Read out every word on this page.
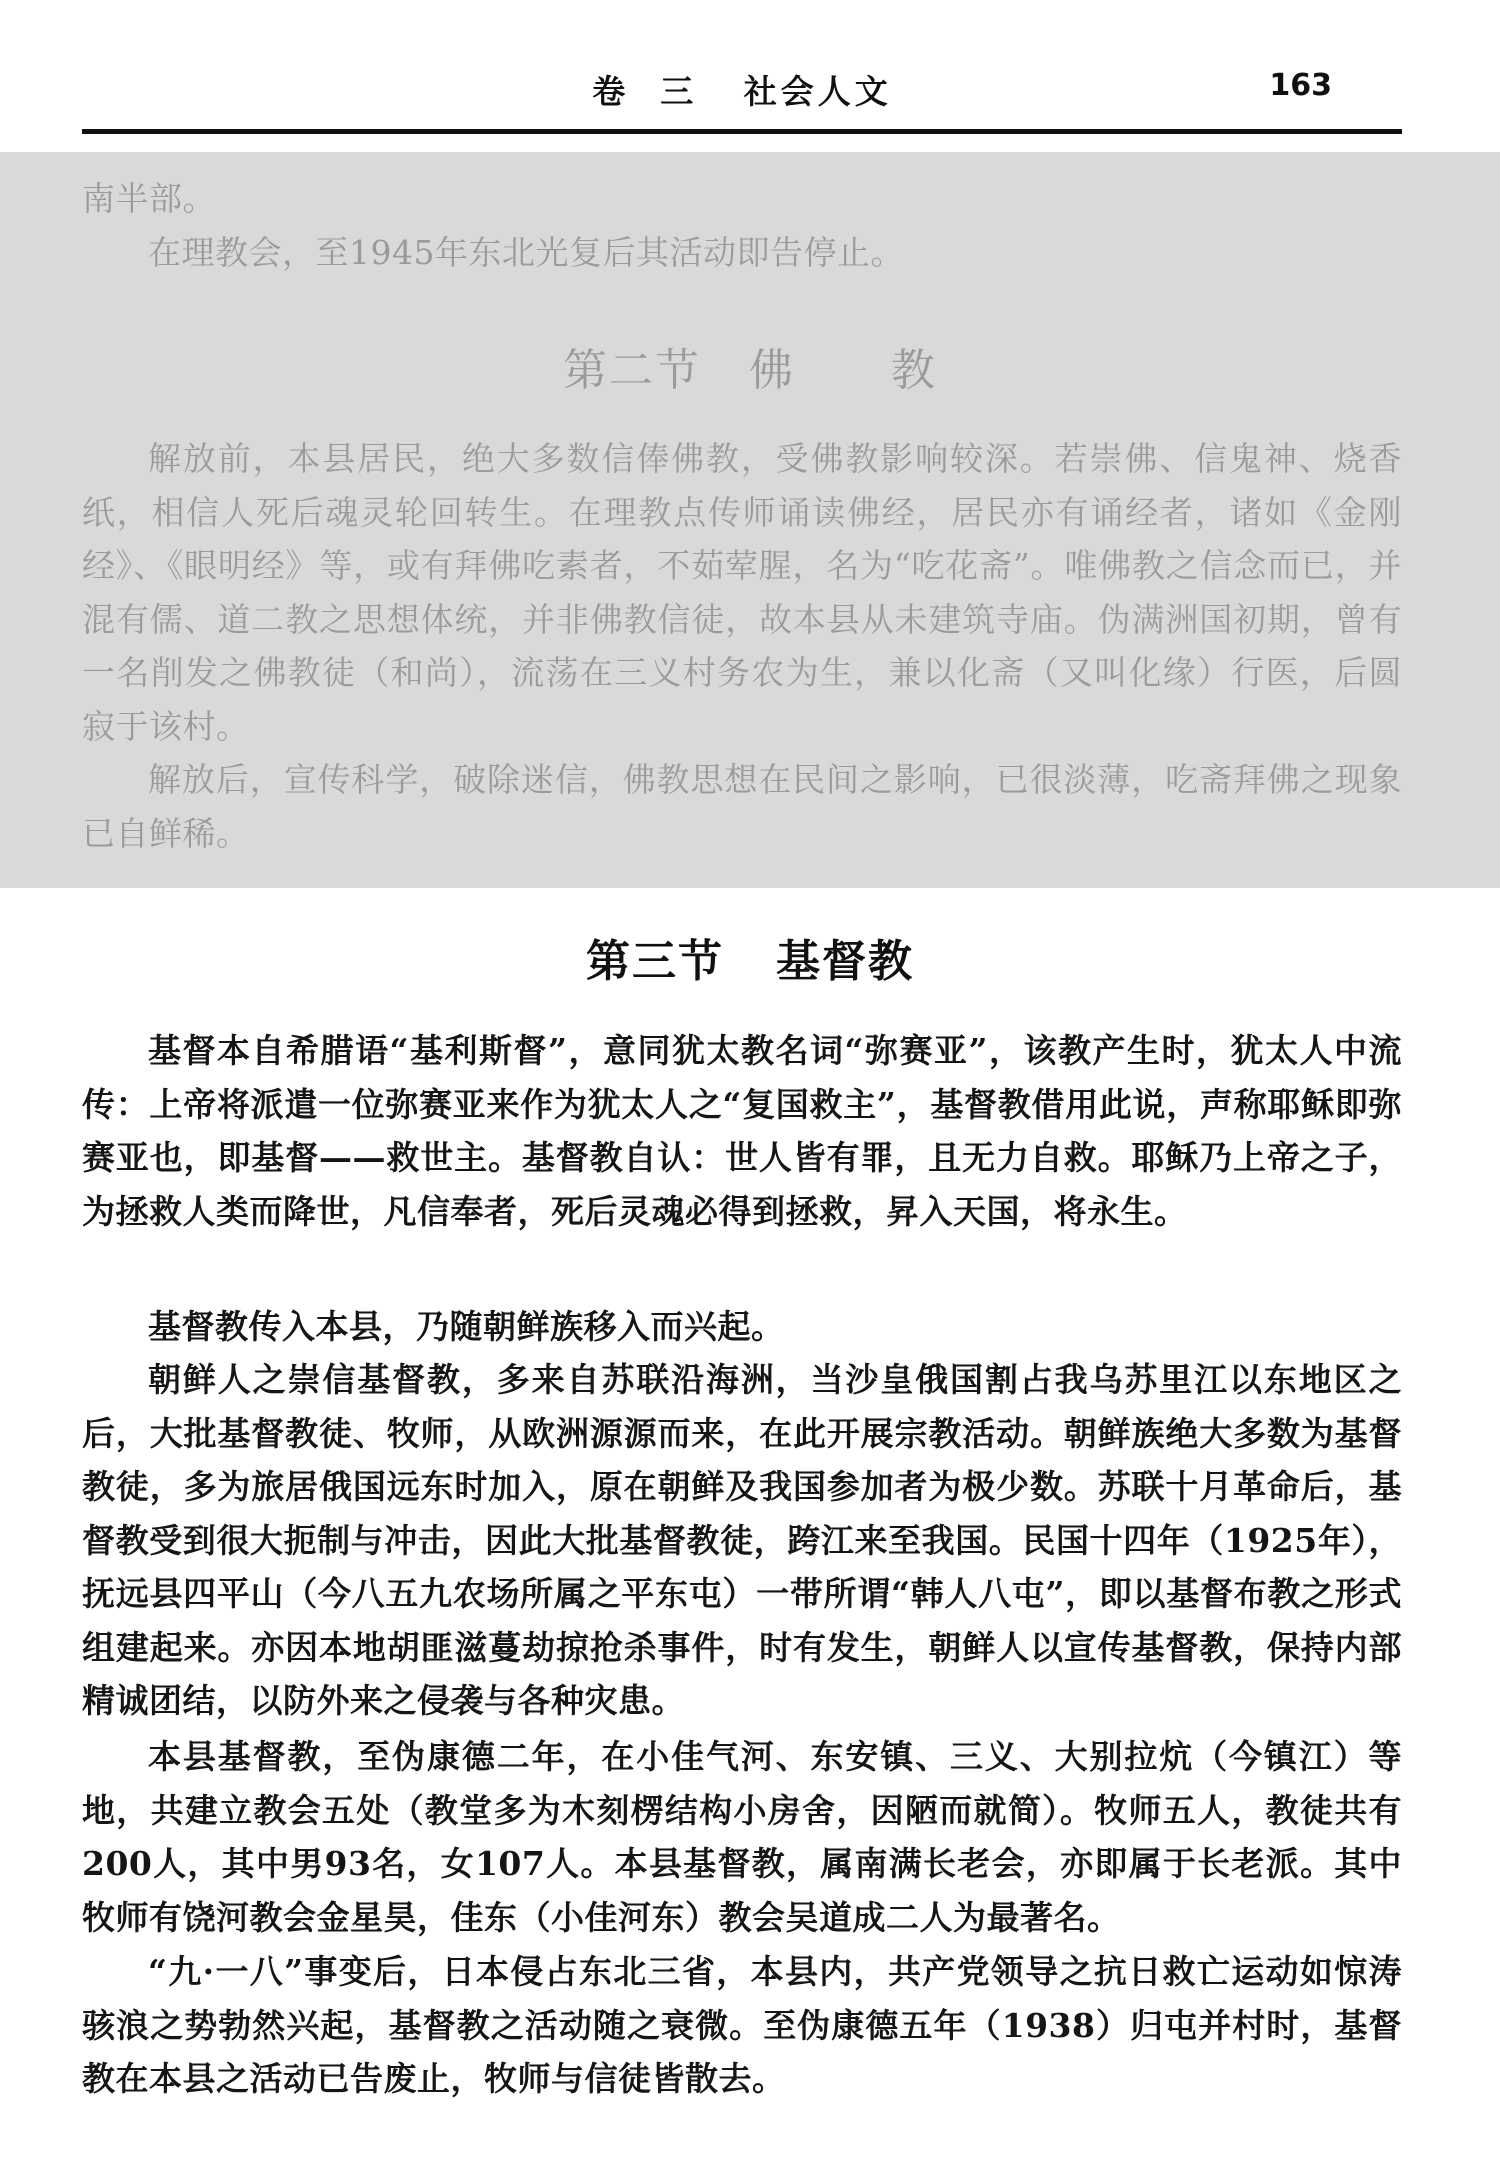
卷  三   社会人文	163

南半部。

在理教会，至1945年东北光复后其活动即告停止。

第二节   佛      教

解放前，本县居民，绝大多数信俸佛教，受佛教影响较深。若崇佛、信鬼神、烧香纸，相信人死后魂灵轮回转生。在理教点传师诵读佛经，居民亦有诵经者，诸如《金刚经》、《眼明经》等，或有拜佛吃素者，不茹荤腥，名为“吃花斋”。唯佛教之信念而已，并混有儒、道二教之思想体统，并非佛教信徒，故本县从未建筑寺庙。伪满洲国初期，曾有一名削发之佛教徒（和尚），流荡在三义村务农为生，兼以化斋（又叫化缘）行医，后圆寂于该村。

解放后，宣传科学，破除迷信，佛教思想在民间之影响，已很淡薄，吃斋拜佛之现象已自鲜稀。

第三节   基督教

基督本自希腊语“基利斯督”，意同犹太教名词“弥赛亚”，该教产生时，犹太人中流传：上帝将派遣一位弥赛亚来作为犹太人之“复国救主”，基督教借用此说，声称耶稣即弥赛亚也，即基督——救世主。基督教自认：世人皆有罪，且无力自救。耶稣乃上帝之子，为拯救人类而降世，凡信奉者，死后灵魂必得到拯救，昇入天国，将永生。

基督教传入本县，乃随朝鲜族移入而兴起。

朝鲜人之崇信基督教，多来自苏联沿海洲，当沙皇俄国割占我乌苏里江以东地区之后，大批基督教徒、牧师，从欧洲源源而来，在此开展宗教活动。朝鲜族绝大多数为基督教徒，多为旅居俄国远东时加入，原在朝鲜及我国参加者为极少数。苏联十月革命后，基督教受到很大扼制与冲击，因此大批基督教徒，跨江来至我国。民国十四年（1925年），抚远县四平山（今八五九农场所属之平东屯）一带所谓“韩人八屯”，即以基督布教之形式组建起来。亦因本地胡匪滋蔓劫掠抢杀事件，时有发生，朝鲜人以宣传基督教，保持内部精诚团结，以防外来之侵袭与各种灾患。

本县基督教，至伪康德二年，在小佳气河、东安镇、三义、大别拉炕（今镇江）等地，共建立教会五处（教堂多为木刻楞结构小房舍，因陋而就简）。牧师五人，教徒共有200人，其中男93名，女107人。本县基督教，属南满长老会，亦即属于长老派。其中牧师有饶河教会金星昊，佳东（小佳河东）教会吴道成二人为最著名。

“九·一八”事变后，日本侵占东北三省，本县内，共产党领导之抗日救亡运动如惊涛骇浪之势勃然兴起，基督教之活动随之衰微。至伪康德五年（1938）归屯并村时，基督教在本县之活动已告废止，牧师与信徒皆散去。
